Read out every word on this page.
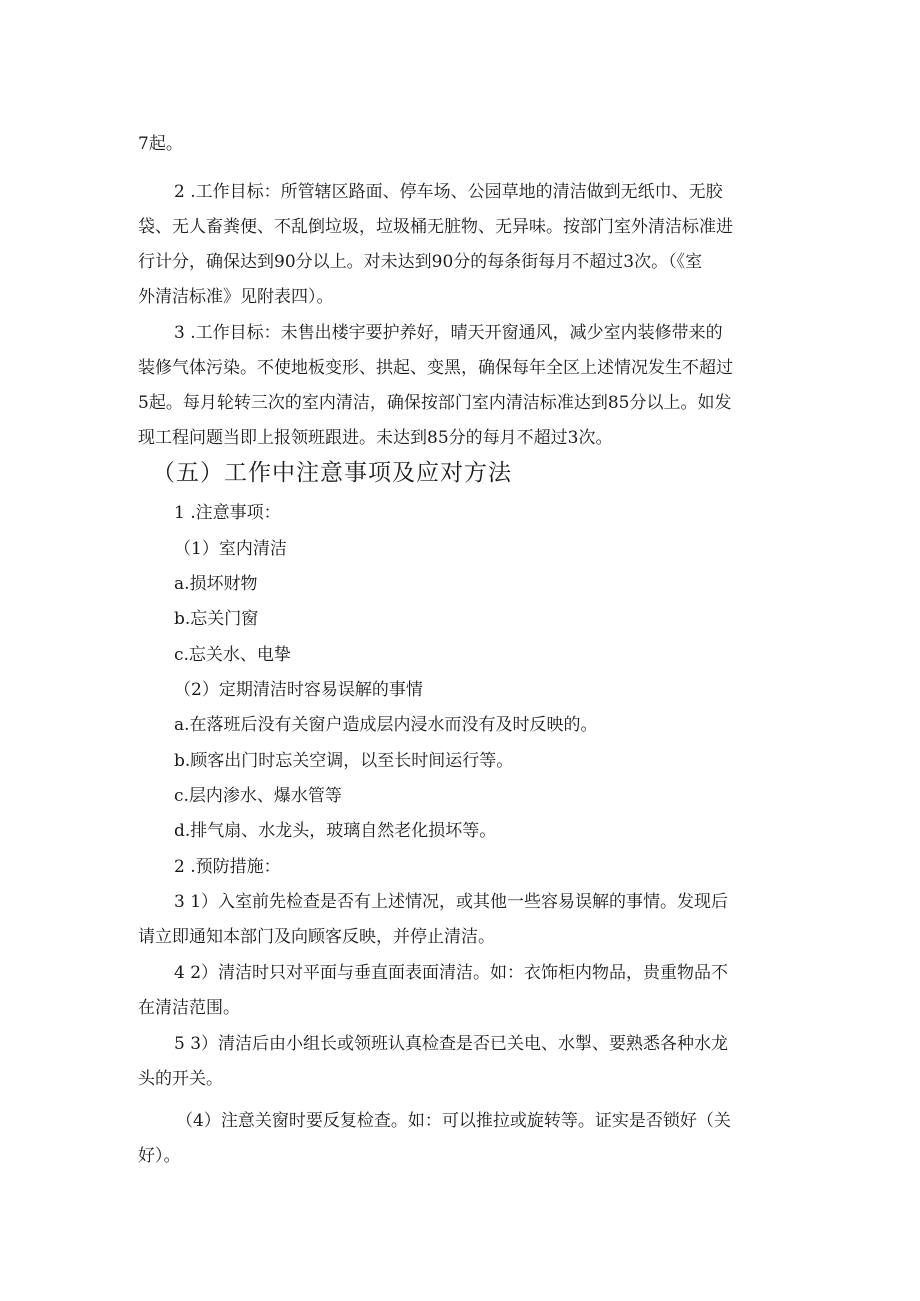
7起。
2 .工作目标：所管辖区路面、停车场、公园草地的清洁做到无纸巾、无胶
袋、无人畜粪便、不乱倒垃圾，垃圾桶无脏物、无异味。按部门室外清洁标准进
行计分，确保达到90分以上。对未达到90分的每条街每月不超过3次。（《室
外清洁标准》见附表四）。
3 .工作目标：未售出楼宇要护养好，晴天开窗通风，减少室内装修带来的
装修气体污染。不使地板变形、拱起、变黑，确保每年全区上述情况发生不超过
5起。每月轮转三次的室内清洁，确保按部门室内清洁标准达到85分以上。如发
现工程问题当即上报领班跟进。未达到85分的每月不超过3次。
（五）工作中注意事项及应对方法
1 .注意事项：
（1）室内清洁
a.损坏财物
b.忘关门窗
c.忘关水、电挚
（2）定期清洁时容易误解的事情
a.在落班后没有关窗户造成层内浸水而没有及时反映的。
b.顾客出门时忘关空调，以至长时间运行等。
c.层内渗水、爆水管等
d.排气扇、水龙头，玻璃自然老化损坏等。
2 .预防措施：
3 1）入室前先检查是否有上述情况，或其他一些容易误解的事情。发现后
请立即通知本部门及向顾客反映，并停止清洁。
4 2）清洁时只对平面与垂直面表面清洁。如：衣饰柜内物品，贵重物品不
在清洁范围。
5 3）清洁后由小组长或领班认真检查是否已关电、水掣、要熟悉各种水龙
头的开关。
（4）注意关窗时要反复检查。如：可以推拉或旋转等。证实是否锁好（关
好）。
